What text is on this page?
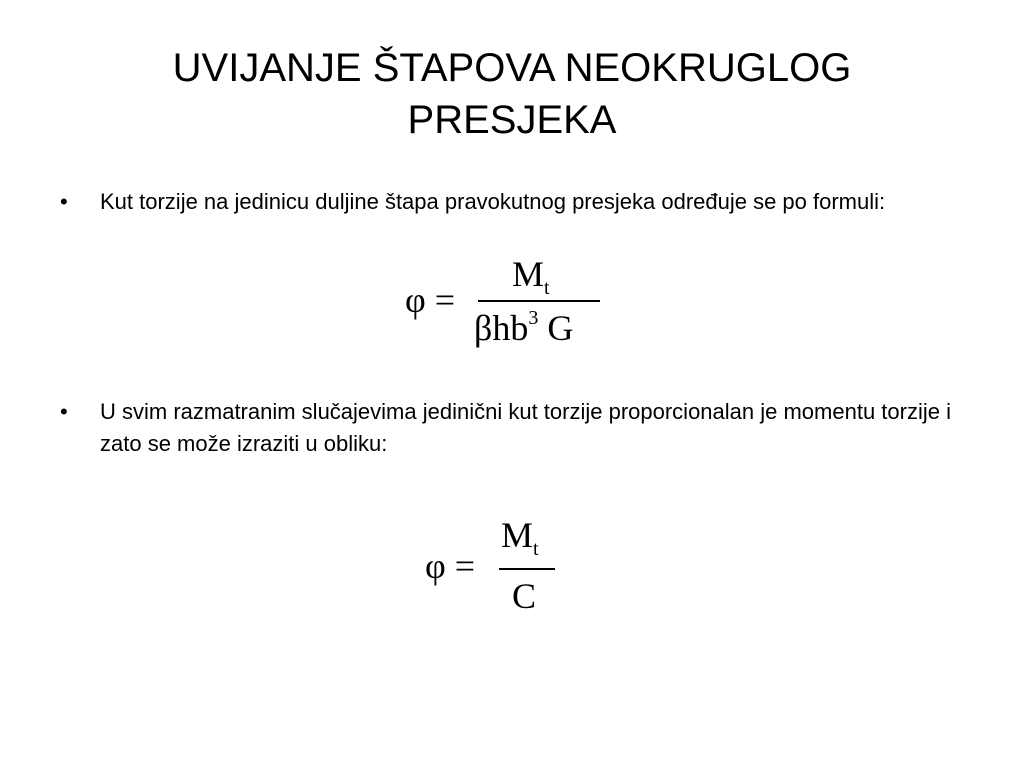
UVIJANJE ŠTAPOVA NEOKRUGLOG
PRESJEKA
•	Kut torzije na jedinicu duljine štapa pravokutnog presjeka određuje se po formuli:
φ =
$M_t$
βhb$^3$ G
•	U svim razmatranim slučajevima jedinični kut torzije proporcionalan je momentu torzije i zato se može izraziti u obliku:
φ =
$M_t$
C
